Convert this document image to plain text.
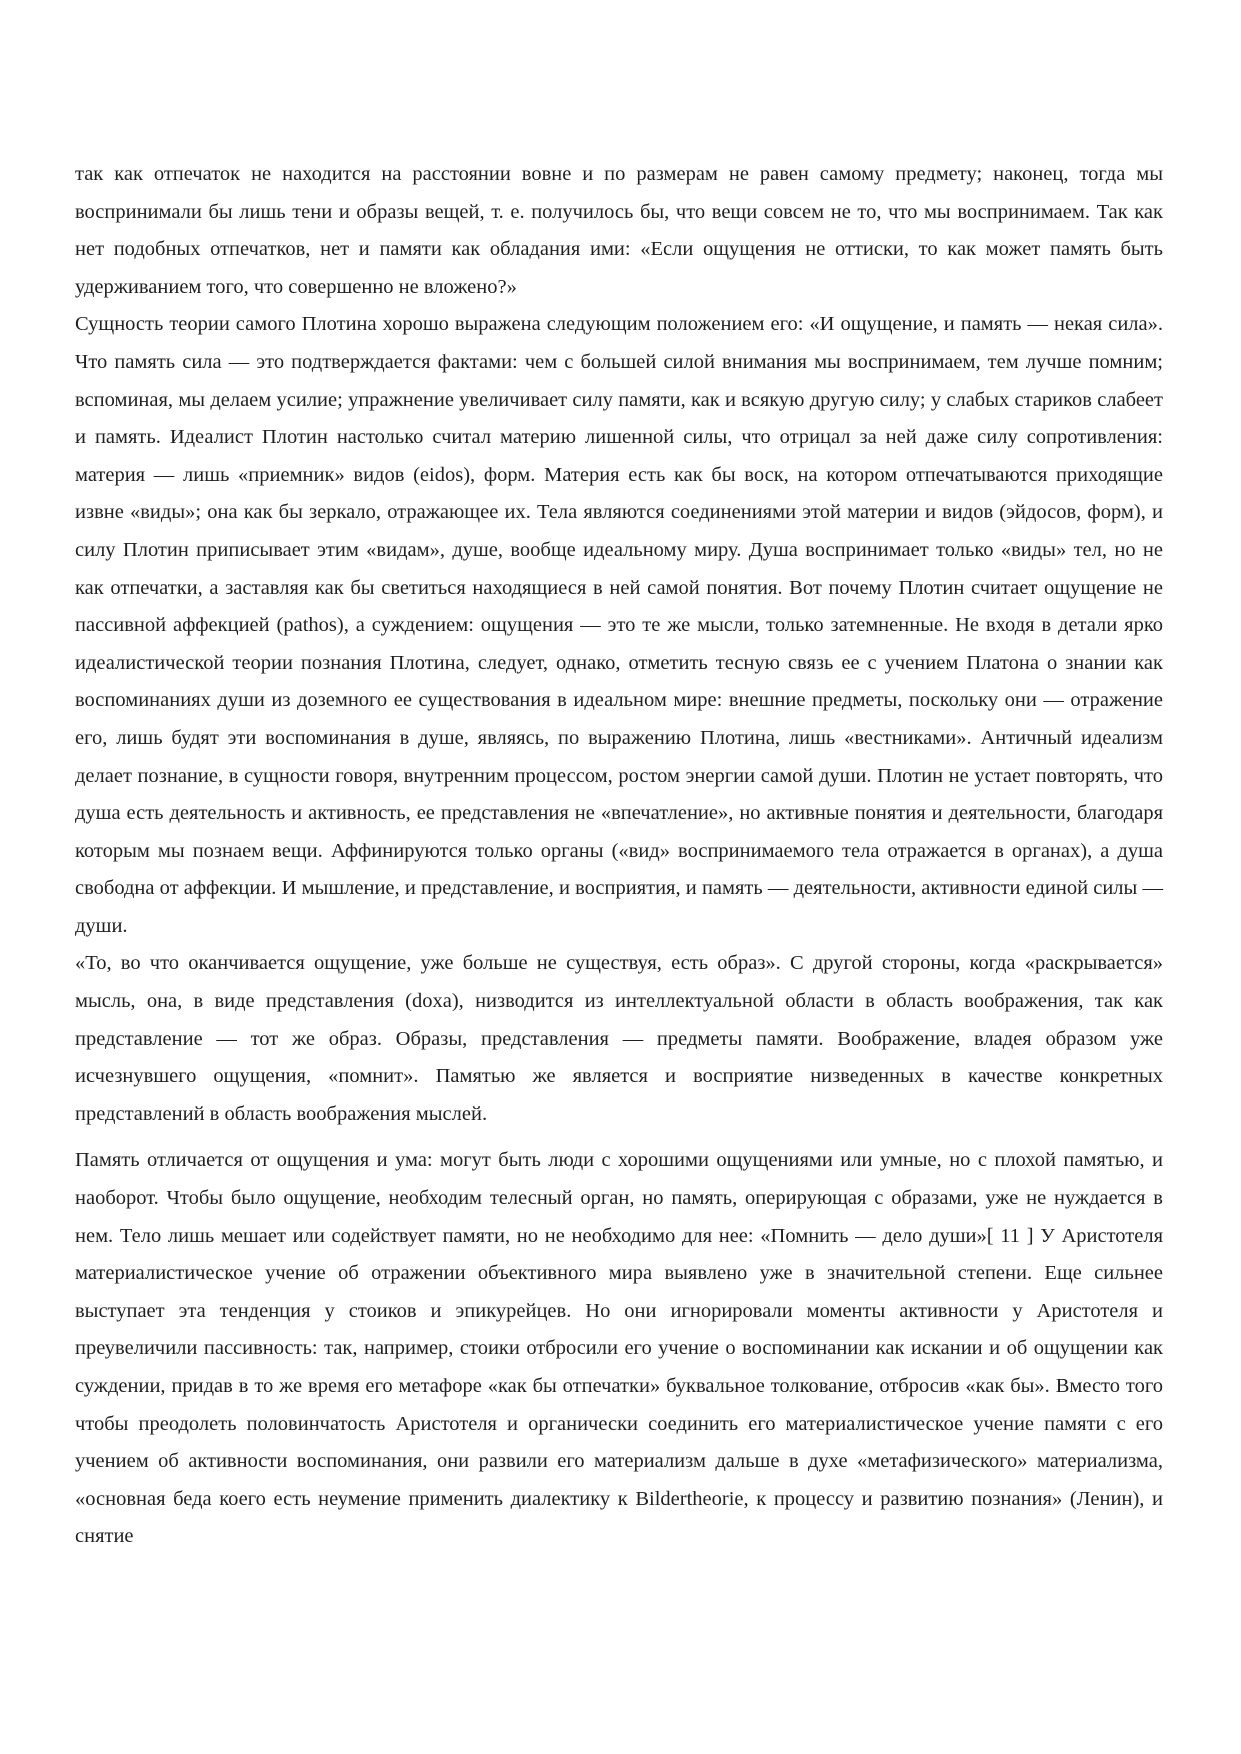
так как отпечаток не находится на расстоянии вовне и по размерам не равен самому предмету; наконец, тогда мы воспринимали бы лишь тени и образы вещей, т. е. получилось бы, что вещи совсем не то, что мы воспринимаем. Так как нет подобных отпечатков, нет и памяти как обладания ими: «Если ощущения не оттиски, то как может память быть удерживанием того, что совершенно не вложено?»

Сущность теории самого Плотина хорошо выражена следующим положением его: «И ощущение, и память — некая сила». Что память сила — это подтверждается фактами: чем с большей силой внимания мы воспринимаем, тем лучше помним; вспоминая, мы делаем усилие; упражнение увеличивает силу памяти, как и всякую другую силу; у слабых стариков слабеет и память. Идеалист Плотин настолько считал материю лишенной силы, что отрицал за ней даже силу сопротивления: материя — лишь «приемник» видов (eidos), форм. Материя есть как бы воск, на котором отпечатываются приходящие извне «виды»; она как бы зеркало, отражающее их. Тела являются соединениями этой материи и видов (эйдосов, форм), и силу Плотин приписывает этим «видам», душе, вообще идеальному миру. Душа воспринимает только «виды» тел, но не как отпечатки, а заставляя как бы светиться находящиеся в ней самой понятия. Вот почему Плотин считает ощущение не пассивной аффекцией (pathos), а суждением: ощущения — это те же мысли, только затемненные. Не входя в детали ярко идеалистической теории познания Плотина, следует, однако, отметить тесную связь ее с учением Платона о знании как воспоминаниях души из доземного ее существования в идеальном мире: внешние предметы, поскольку они — отражение его, лишь будят эти воспоминания в душе, являясь, по выражению Плотина, лишь «вестниками». Античный идеализм делает познание, в сущности говоря, внутренним процессом, ростом энергии самой души. Плотин не устает повторять, что душа есть деятельность и активность, ее представления не «впечатление», но активные понятия и деятельности, благодаря которым мы познаем вещи. Аффинируются только органы («вид» воспринимаемого тела отражается в органах), а душа свободна от аффекции. И мышление, и представление, и восприятия, и память — деятельности, активности единой силы — души.

«То, во что оканчивается ощущение, уже больше не существуя, есть образ». С другой стороны, когда «раскрывается» мысль, она, в виде представления (doxa), низводится из интеллектуальной области в область воображения, так как представление — тот же образ. Образы, представления — предметы памяти. Воображение, владея образом уже исчезнувшего ощущения, «помнит». Памятью же является и восприятие низведенных в качестве конкретных представлений в область воображения мыслей.

Память отличается от ощущения и ума: могут быть люди с хорошими ощущениями или умные, но с плохой памятью, и наоборот. Чтобы было ощущение, необходим телесный орган, но память, оперирующая с образами, уже не нуждается в нем. Тело лишь мешает или содействует памяти, но не необходимо для нее: «Помнить — дело души»[ 11 ] У Аристотеля материалистическое учение об отражении объективного мира выявлено уже в значительной степени. Еще сильнее выступает эта тенденция у стоиков и эпикурейцев. Но они игнорировали моменты активности у Аристотеля и преувеличили пассивность: так, например, стоики отбросили его учение о воспоминании как искании и об ощущении как суждении, придав в то же время его метафоре «как бы отпечатки» буквальное толкование, отбросив «как бы». Вместо того чтобы преодолеть половинчатость Аристотеля и органически соединить его материалистическое учение памяти с его учением об активности воспоминания, они развили его материализм дальше в духе «метафизического» материализма, «основная беда коего есть неумение применить диалектику к Bildertheorie, к процессу и развитию познания» (Ленин), и снятие
